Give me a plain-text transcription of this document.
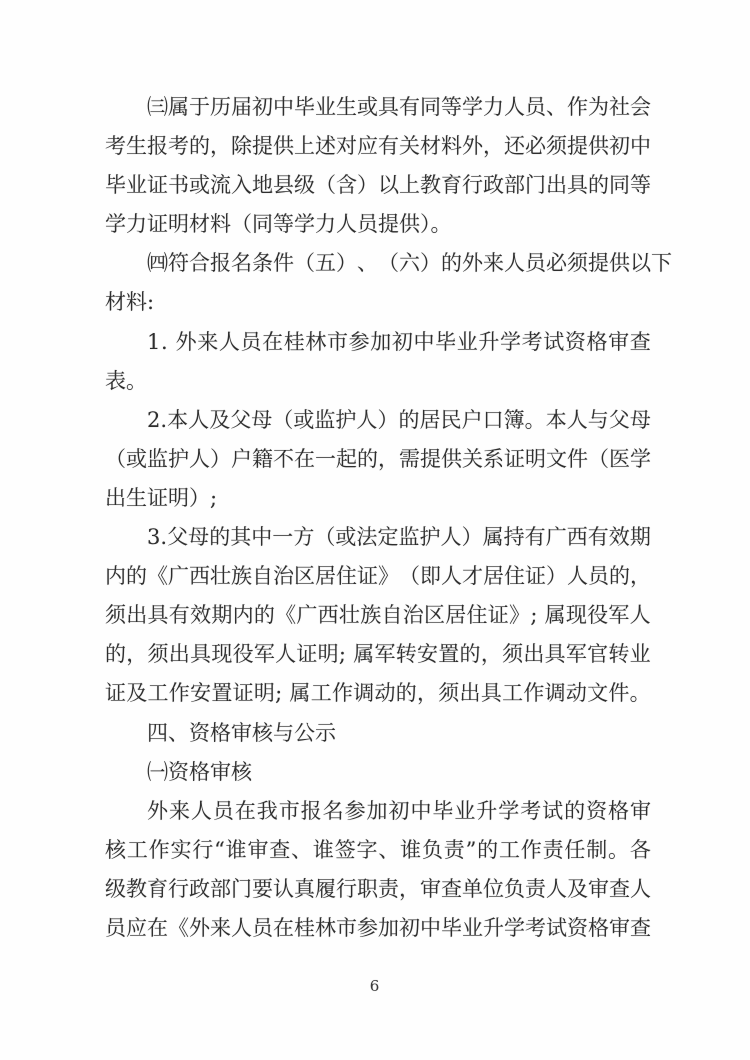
㈢ 属 于 历 届 初 中 毕 业 生 或 具 有 同 等 学 力 人 员 、 作 为 社 会
考 生 报 考 的 ， 除 提 供 上 述 对 应 有 关 材 料 外 ， 还 必 须 提 供 初 中
毕 业 证 书 或 流 入 地 县 级 （ 含 ） 以 上 教 育 行 政 部 门 出 具 的 同 等
学力证明材料（同等学力人员提供）。
㈣ 符 合 报 名 条 件 （ 五 ） 、 （ 六 ） 的 外 来 人 员 必 须 提 供 以 下
材料:
1 .
外 来 人 员 在 桂 林 市 参 加 初 中 毕 业 升 学 考 试 资 格 审 查
表。
2 . 本 人 及 父 母 （ 或 监 护 人 ） 的 居 民 户 口 簿 。 本 人 与 父 母
（ 或 监 护 人 ） 户 籍 不 在 一 起 的 ， 需 提 供 关 系 证 明 文 件 （ 医 学
出生证明）;
3 . 父 母 的 其 中 一 方 （ 或 法 定 监 护 人 ） 属 持 有 广 西 有 效 期
内 的 《 广 西 壮 族 自 治 区 居 住 证 》 （ 即 人 才 居 住 证 ） 人 员 的 ，
须 出 具 有 效 期 内 的 《 广 西 壮 族 自 治 区 居 住 证 》 ;
属 现 役 军 人
的 ， 须 出 具 现 役 军 人 证 明 ;
属 军 转 安 置 的 ， 须 出 具 军 官 转 业
证 及 工 作 安 置 证 明 ;
属 工 作 调 动 的 ， 须 出 具 工 作 调 动 文 件 。
四、资格审核与公示
㈠资格审核
外 来 人 员 在 我 市 报 名 参 加 初 中 毕 业 升 学 考 试 的 资 格 审
核 工 作 实 行 “ 谁 审 查 、 谁 签 字 、 谁 负 责 ” 的 工 作 责 任 制 。 各
级 教 育 行 政 部 门 要 认 真 履 行 职 责 ， 审 查 单 位 负 责 人 及 审 查 人
员 应 在 《 外 来 人 员 在 桂 林 市 参 加 初 中 毕 业 升 学 考 试 资 格 审 查
6
